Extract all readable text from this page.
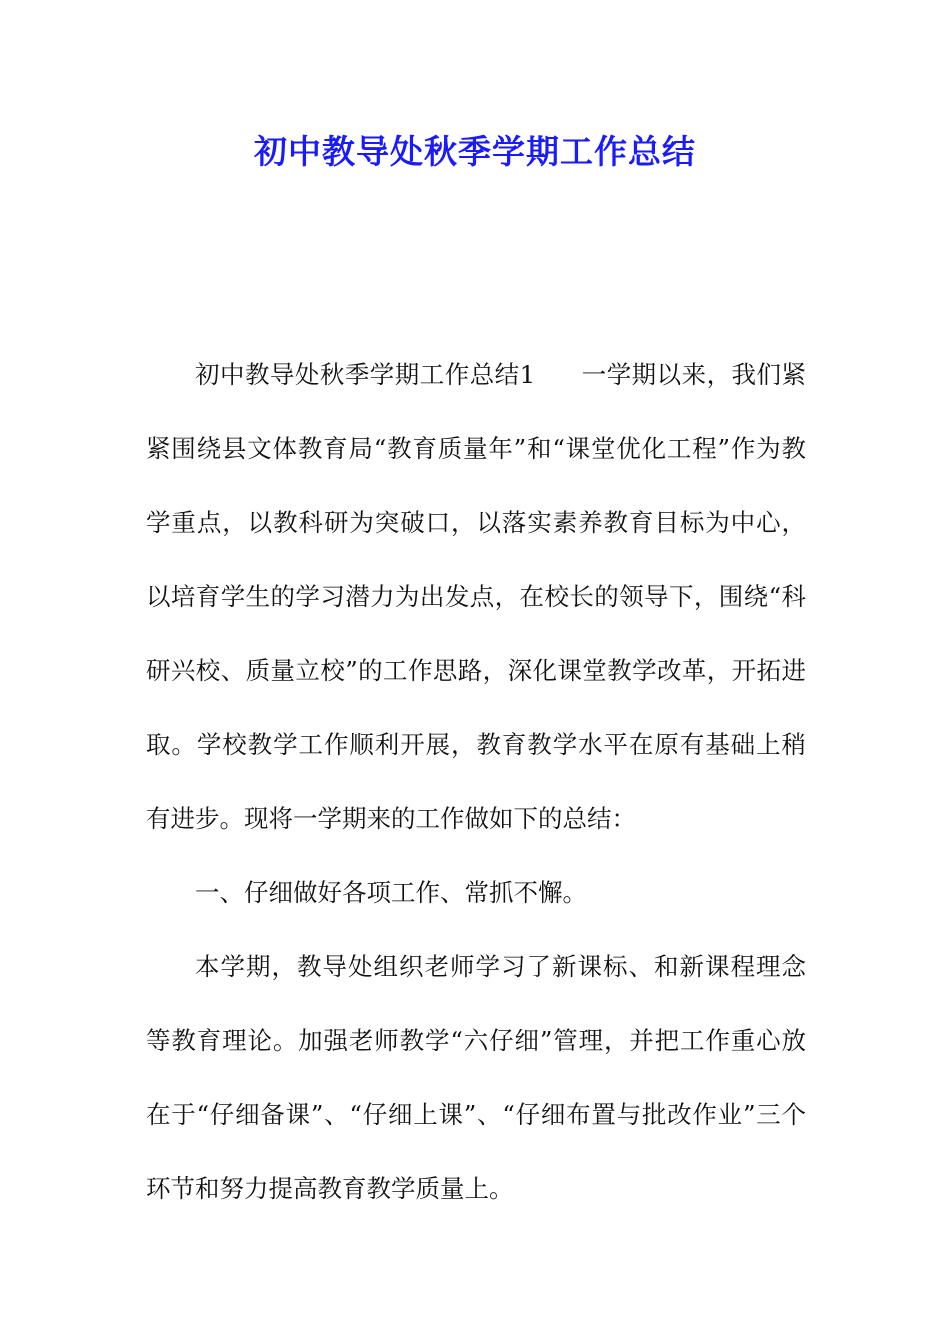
初中教导处秋季学期工作总结

初中教导处秋季学期工作总结1 一学期以来，我们紧紧围绕县文体教育局“教育质量年”和“课堂优化工程”作为教学重点，以教科研为突破口，以落实素养教育目标为中心，以培育学生的学习潜力为出发点，在校长的领导下，围绕“科研兴校、质量立校”的工作思路，深化课堂教学改革，开拓进取。学校教学工作顺利开展，教育教学水平在原有基础上稍有进步。现将一学期来的工作做如下的总结：

一、仔细做好各项工作、常抓不懈。

本学期，教导处组织老师学习了新课标、和新课程理念等教育理论。加强老师教学“六仔细”管理，并把工作重心放在于“仔细备课”、“仔细上课”、“仔细布置与批改作业”三个环节和努力提高教育教学质量上。
